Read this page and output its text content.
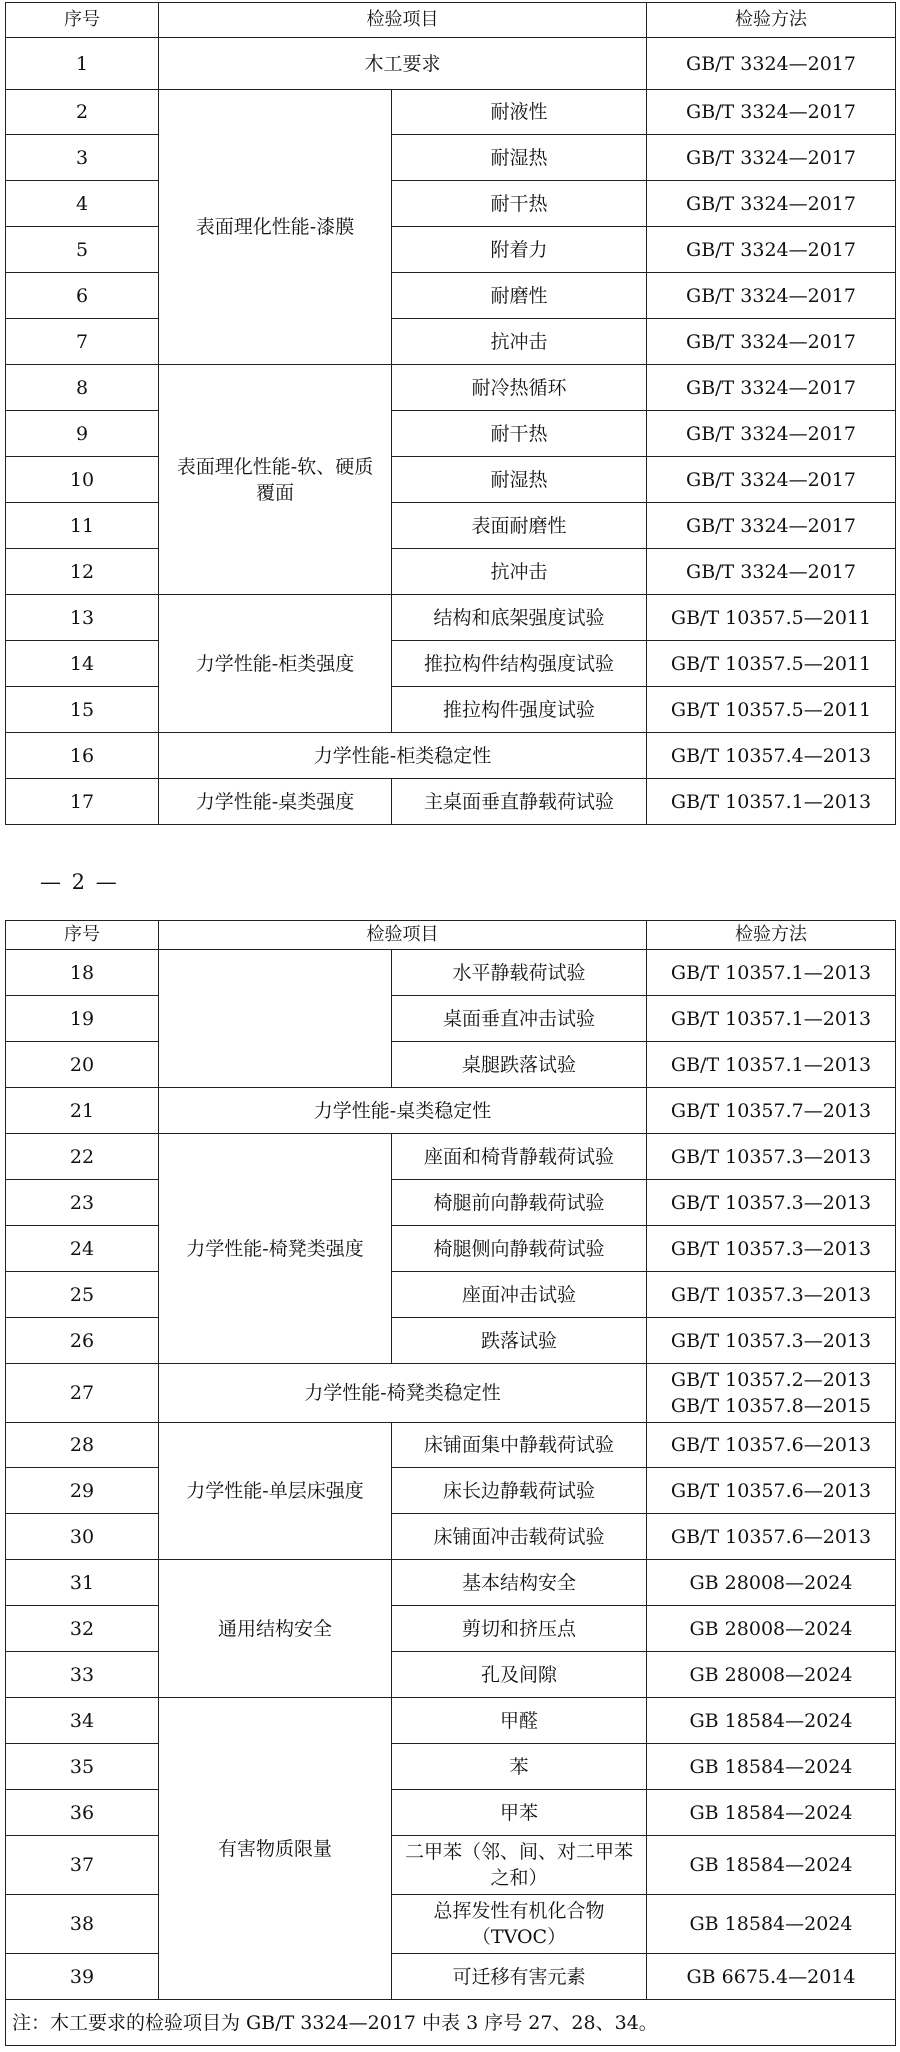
序号	检验项目		检验方法
1	木工要求		GB/T 3324—2017
2	表面理化性能-漆膜	耐液性	GB/T 3324—2017
3		耐湿热	GB/T 3324—2017
4		耐干热	GB/T 3324—2017
5		附着力	GB/T 3324—2017
6		耐磨性	GB/T 3324—2017
7		抗冲击	GB/T 3324—2017
8	表面理化性能-软、硬质
覆面	耐冷热循环	GB/T 3324—2017
9		耐干热	GB/T 3324—2017
10		耐湿热	GB/T 3324—2017
11		表面耐磨性	GB/T 3324—2017
12		抗冲击	GB/T 3324—2017
13	力学性能-柜类强度	结构和底架强度试验	GB/T 10357.5—2011
14		推拉构件结构强度试验	GB/T 10357.5—2011
15		推拉构件强度试验	GB/T 10357.5—2011
16	力学性能-柜类稳定性		GB/T 10357.4—2013
17	力学性能-桌类强度	主桌面垂直静载荷试验	GB/T 10357.1—2013
— 2 —
序号	检验项目		检验方法
18		水平静载荷试验	GB/T 10357.1—2013
19		桌面垂直冲击试验	GB/T 10357.1—2013
20		桌腿跌落试验	GB/T 10357.1—2013
21	力学性能-桌类稳定性		GB/T 10357.7—2013
22	力学性能-椅凳类强度	座面和椅背静载荷试验	GB/T 10357.3—2013
23		椅腿前向静载荷试验	GB/T 10357.3—2013
24		椅腿侧向静载荷试验	GB/T 10357.3—2013
25		座面冲击试验	GB/T 10357.3—2013
26		跌落试验	GB/T 10357.3—2013
27	力学性能-椅凳类稳定性		GB/T 10357.2—2013
GB/T 10357.8—2015

28	力学性能-单层床强度	床铺面集中静载荷试验	GB/T 10357.6—2013
29		床长边静载荷试验	GB/T 10357.6—2013
30		床铺面冲击载荷试验	GB/T 10357.6—2013
31	通用结构安全	基本结构安全	GB 28008—2024
32		剪切和挤压点	GB 28008—2024
33		孔及间隙	GB 28008—2024
34	有害物质限量	甲醛	GB 18584—2024
35		苯	GB 18584—2024
36		甲苯	GB 18584—2024
37		二甲苯（邻、间、对二甲苯
之和）	GB 18584—2024
38		总挥发性有机化合物
（TVOC）	GB 18584—2024
39		可迁移有害元素	GB 6675.4—2014
注：木工要求的检验项目为 GB/T 3324—2017 中表 3 序号 27、28、34。			
